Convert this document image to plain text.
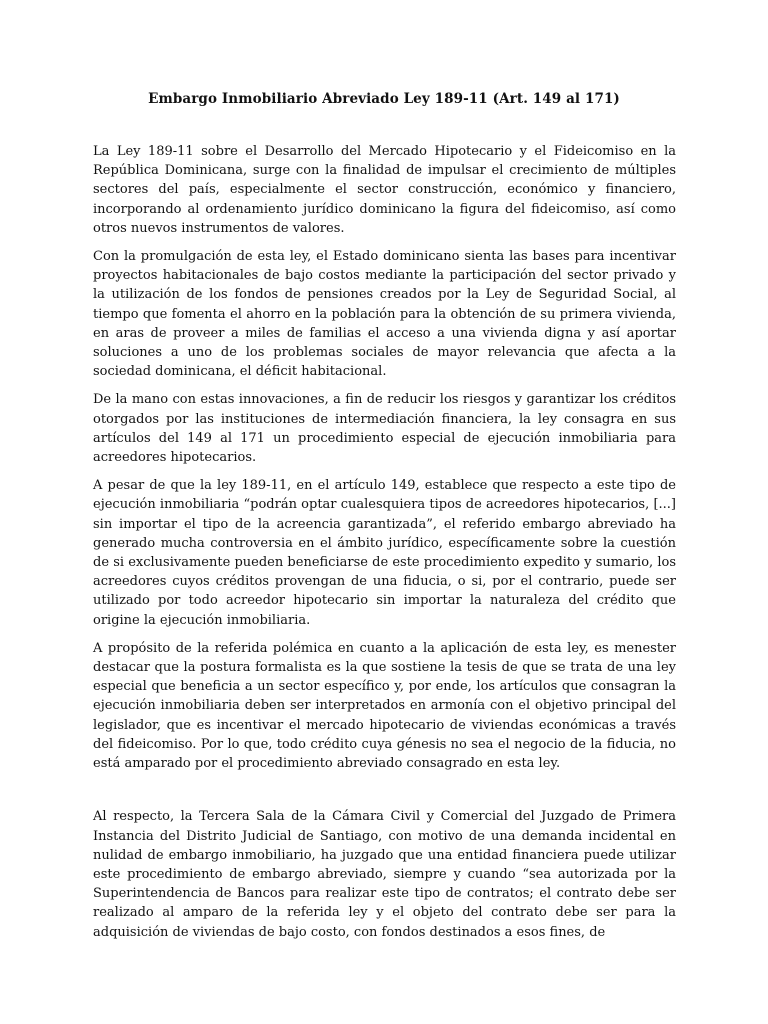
Embargo Inmobiliario Abreviado Ley 189-11 (Art. 149 al 171)

La Ley 189-11 sobre el Desarrollo del Mercado Hipotecario y el Fideicomiso en la República Dominicana, surge con la finalidad de impulsar el crecimiento de múltiples sectores del país, especialmente el sector construcción, económico y financiero, incorporando al ordenamiento jurídico dominicano la figura del fideicomiso, así como otros nuevos instrumentos de valores.

Con la promulgación de esta ley, el Estado dominicano sienta las bases para incentivar proyectos habitacionales de bajo costos mediante la participación del sector privado y la utilización de los fondos de pensiones creados por la Ley de Seguridad Social, al tiempo que fomenta el ahorro en la población para la obtención de su primera vivienda, en aras de proveer a miles de familias el acceso a una vivienda digna y así aportar soluciones a uno de los problemas sociales de mayor relevancia que afecta a la sociedad dominicana, el déficit habitacional.

De la mano con estas innovaciones, a fin de reducir los riesgos y garantizar los créditos otorgados por las instituciones de intermediación financiera, la ley consagra en sus artículos del 149 al 171 un procedimiento especial de ejecución inmobiliaria para acreedores hipotecarios.

A pesar de que la ley 189-11, en el artículo 149, establece que respecto a este tipo de ejecución inmobiliaria “podrán optar cualesquiera tipos de acreedores hipotecarios, [...] sin importar el tipo de la acreencia garantizada”, el referido embargo abreviado ha generado mucha controversia en el ámbito jurídico, específicamente sobre la cuestión de si exclusivamente pueden beneficiarse de este procedimiento expedito y sumario, los acreedores cuyos créditos provengan de una fiducia, o si, por el contrario, puede ser utilizado por todo acreedor hipotecario sin importar la naturaleza del crédito que origine la ejecución inmobiliaria.

A propósito de la referida polémica en cuanto a la aplicación de esta ley, es menester destacar que la postura formalista es la que sostiene la tesis de que se trata de una ley especial que beneficia a un sector específico y, por ende, los artículos que consagran la ejecución inmobiliaria deben ser interpretados en armonía con el objetivo principal del legislador, que es incentivar el mercado hipotecario de viviendas económicas a través del fideicomiso. Por lo que, todo crédito cuya génesis no sea el negocio de la fiducia, no está amparado por el procedimiento abreviado consagrado en esta ley.

Al respecto, la Tercera Sala de la Cámara Civil y Comercial del Juzgado de Primera Instancia del Distrito Judicial de Santiago, con motivo de una demanda incidental en nulidad de embargo inmobiliario, ha juzgado que una entidad financiera puede utilizar este procedimiento de embargo abreviado, siempre y cuando “sea autorizada por la Superintendencia de Bancos para realizar este tipo de contratos; el contrato debe ser realizado al amparo de la referida ley y el objeto del contrato debe ser para la adquisición de viviendas de bajo costo, con fondos destinados a esos fines, de
